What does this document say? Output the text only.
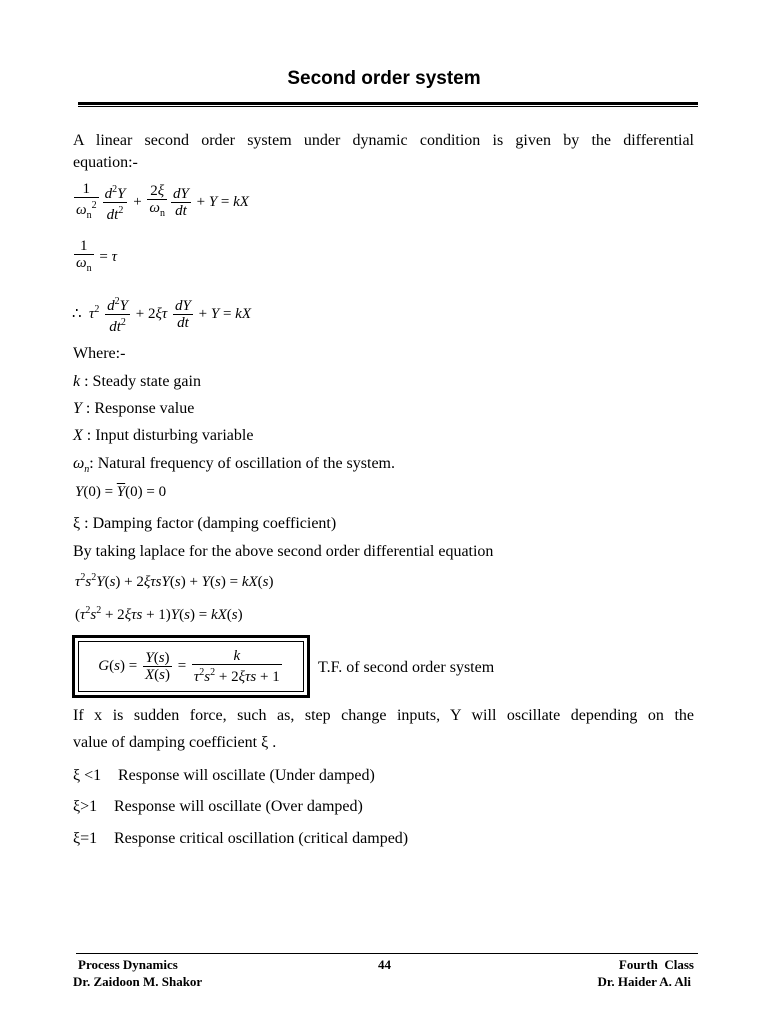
Second order system
A linear second order system under dynamic condition is given by the differential
equation:-
$\frac{1}{\omega_n^2} \frac{d^2Y}{dt^2} + \frac{2\xi}{\omega_n} \frac{dY}{dt} + Y$ = kX
$\frac{1}{\omega_n} = \tau$
∴  $\tau^2 \frac{d^2Y}{dt^2} + 2\xi\tau \frac{dY}{dt} + Y$ = kX
Where:-
k : Steady state gain
Y : Response value
X : Input disturbing variable
$\omega_n$: Natural frequency of oscillation of the system.
$Y(0) = \overline{Y}(0) = 0$
ξ : Damping factor (damping coefficient)
By taking laplace for the above second order differential equation
$\tau^2s^2Y(s) + 2\xi\tau sY(s) + Y(s) = kX(s)$
$(\tau^2s^2 + 2\xi\tau s + 1)Y(s) = kX(s)$
$G(s) = \frac{Y(s)}{X(s)} = \frac{k}{\tau^2s^2 + 2\xi\tau s + 1} T.F$. of second order system
If x is sudden force, such as, step change inputs, Y will oscillate depending on the
value of damping coefficient ξ .
ξ <1 Response will oscillate (Under damped)
ξ>1 Response will oscillate (Over damped)
ξ=1 Response critical oscillation (critical damped)
Process Dynamics
Dr. Zaidoon M. Shakor
44	Fourth  Class
Dr. Haider A. Ali
